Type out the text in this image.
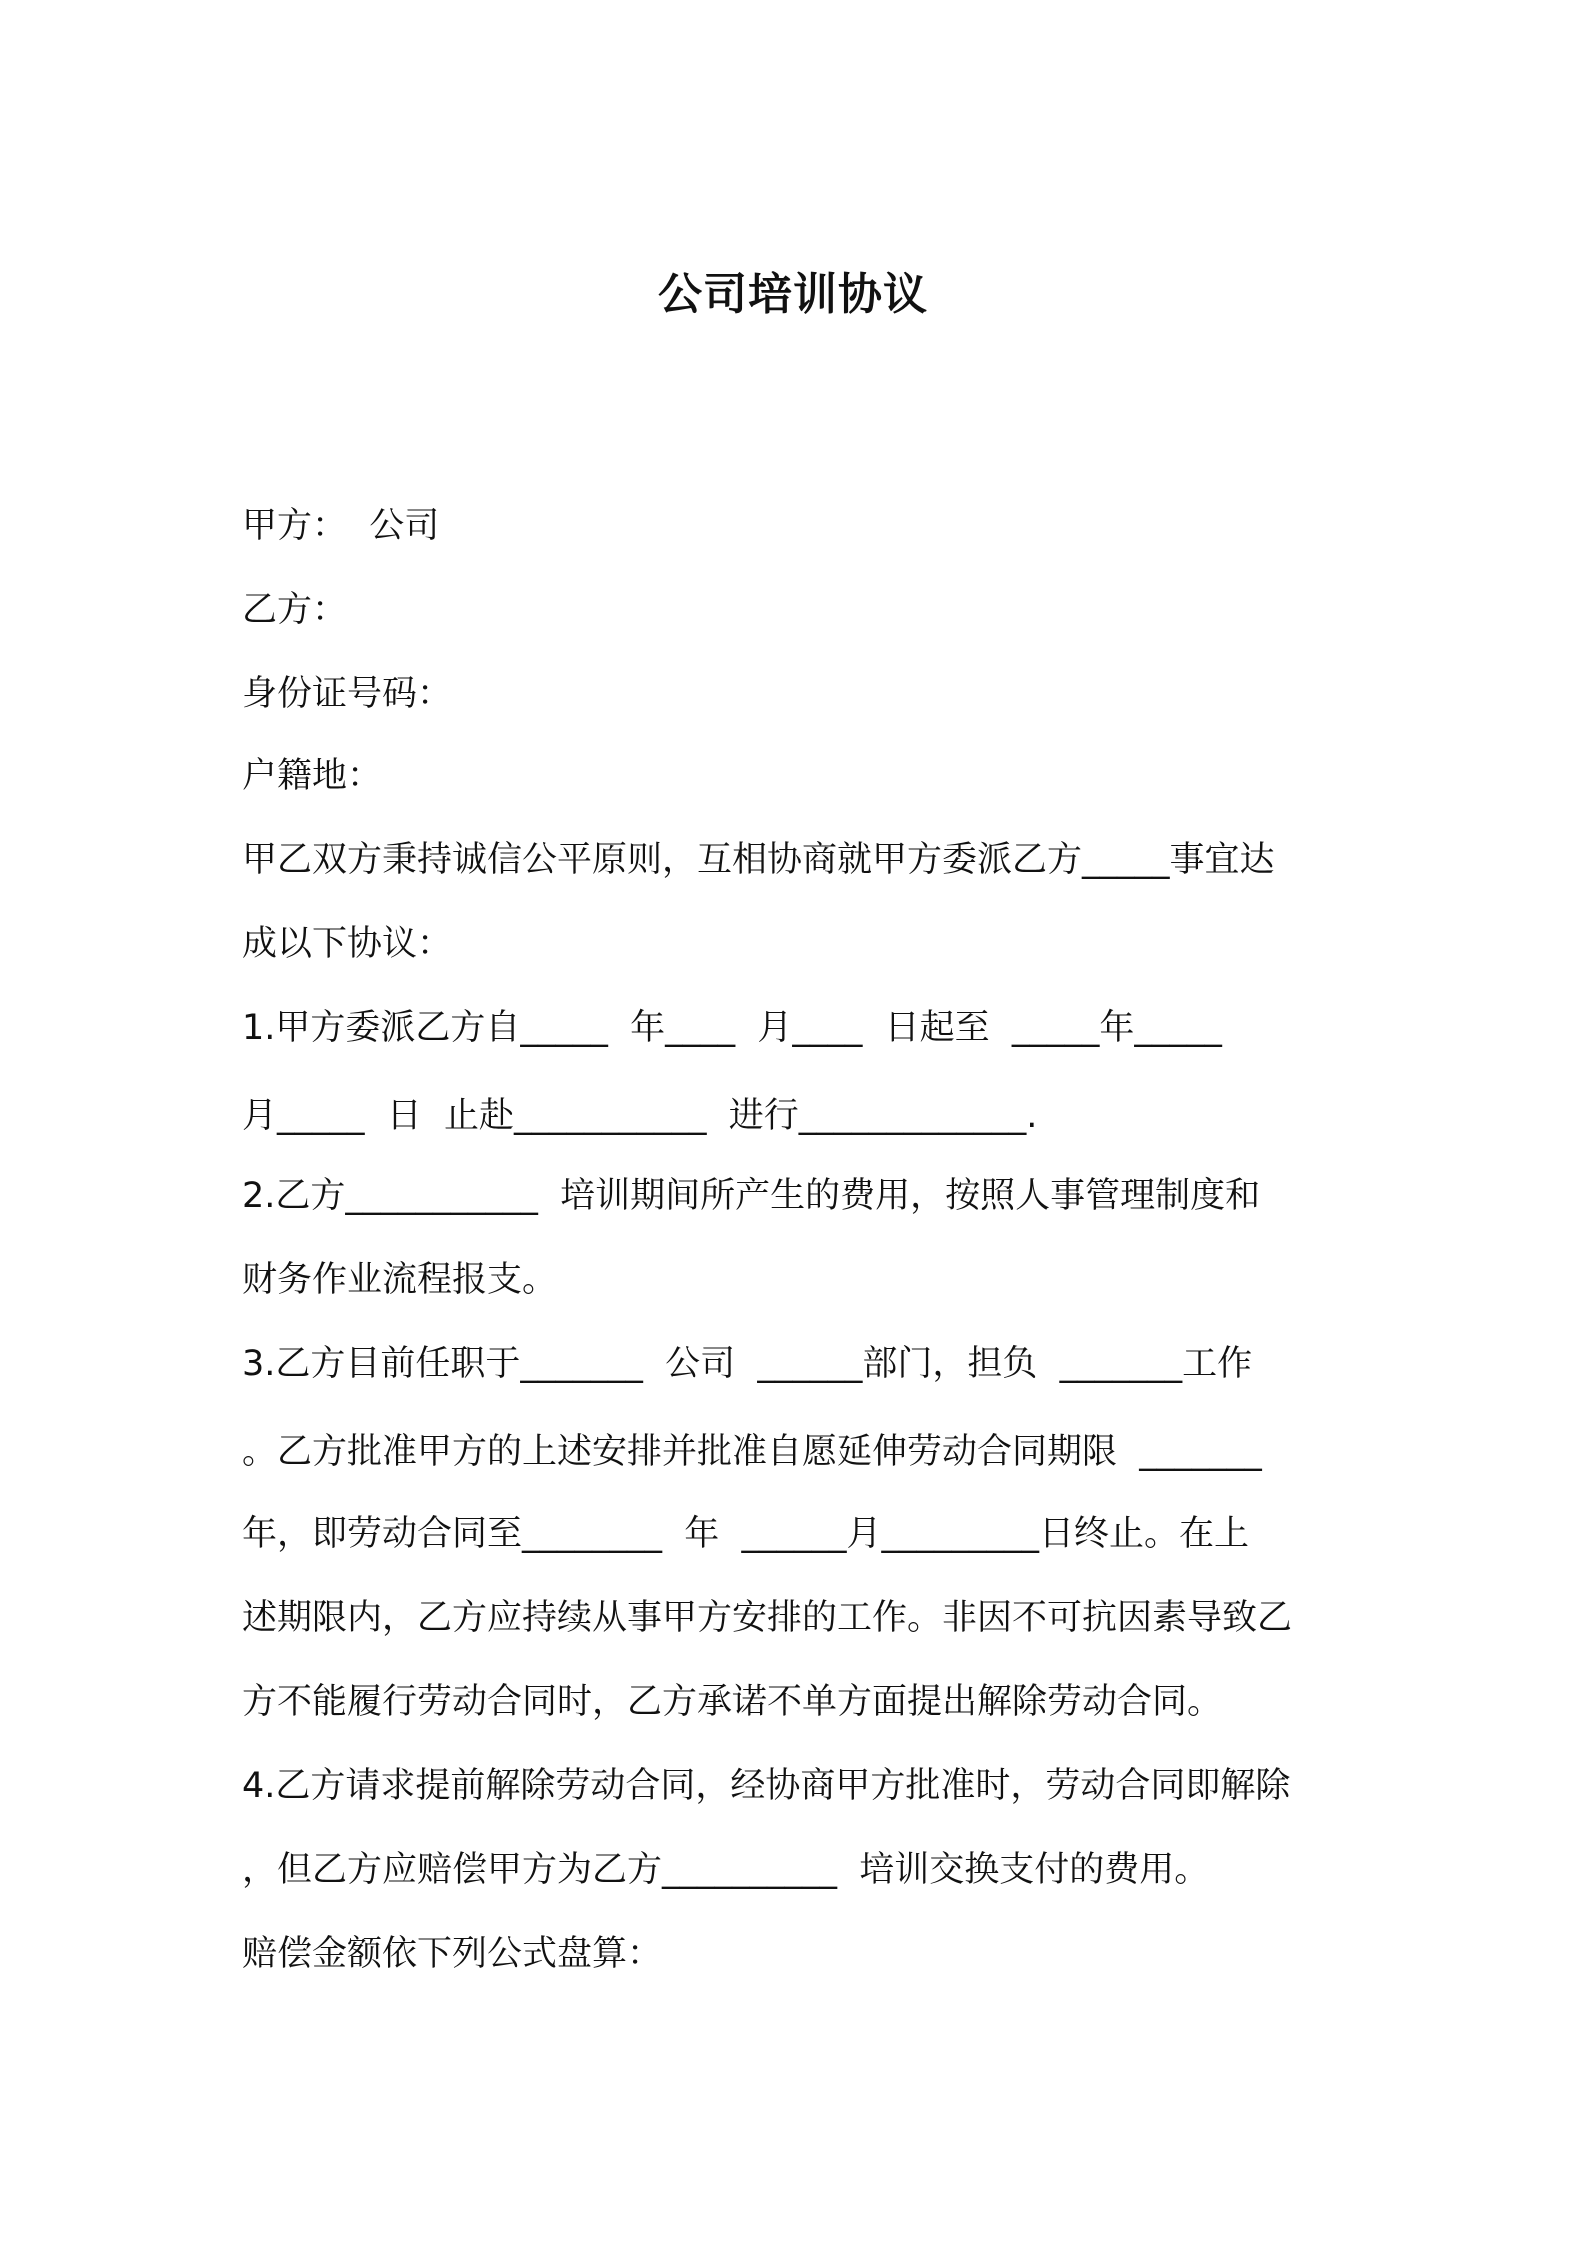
公司培训协议

甲方：  公司

乙方：

身份证号码：

户籍地：

甲乙双方秉持诚信公平原则，互相协商就甲方委派乙方_____事宜达

成以下协议：

1.甲方委派乙方自_____  年____  月____  日起至  _____年_____

月_____  日  止赴___________  进行_____________.

2.乙方___________  培训期间所产生的费用，按照人事管理制度和

财务作业流程报支。

3.乙方目前任职于_______  公司  ______部门，担负  _______工作

。乙方批准甲方的上述安排并批准自愿延伸劳动合同期限  _______

年，即劳动合同至________  年  ______月_________日终止。在上

述期限内，乙方应持续从事甲方安排的工作。非因不可抗因素导致乙

方不能履行劳动合同时，乙方承诺不单方面提出解除劳动合同。

4.乙方请求提前解除劳动合同，经协商甲方批准时，劳动合同即解除

，但乙方应赔偿甲方为乙方__________  培训交换支付的费用。

赔偿金额依下列公式盘算：
